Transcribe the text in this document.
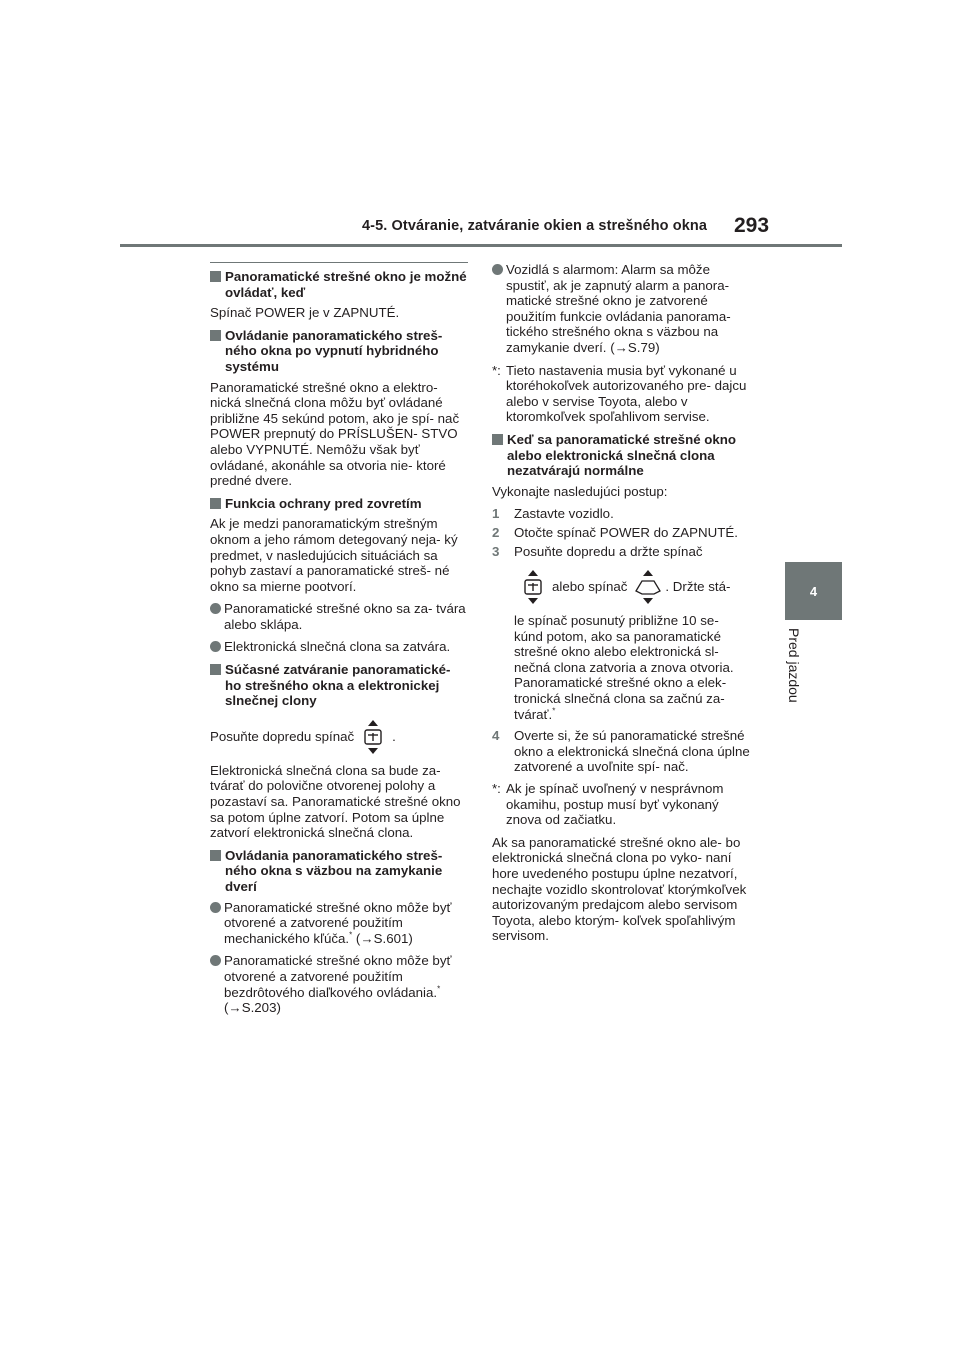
4-5. Otváranie, zatváranie okien a strešného okna 293
4
Pred jazdou
Panoramatické strešné okno je možné ovládať, keď

Spínač POWER je v ZAPNUTÉ.

Ovládanie panoramatického streš- ného okna po vypnutí hybridného systému

Panoramatické strešné okno a elektro- nická slnečná clona môžu byť ovládané približne 45 sekúnd potom, ako je spí- nač POWER prepnutý do PRÍSLUŠEN- STVO alebo VYPNUTÉ. Nemôžu však byť ovládané, akonáhle sa otvoria nie- ktoré predné dvere.

Funkcia ochrany pred zovretím

Ak je medzi panoramatickým strešným oknom a jeho rámom detegovaný neja- ký predmet, v nasledujúcich situáciách sa pohyb zastaví a panoramatické streš- né okno sa mierne pootvorí.

Panoramatické strešné okno sa za- tvára alebo sklápa.
Elektronická slnečná clona sa zatvára.
Súčasné zatváranie panoramatické- ho strešného okna a elektronickej slnečnej clony
Posuňte dopredu spínač	.

Elektronická slnečná clona sa bude za- tvárať do polovične otvorenej polohy a pozastaví sa. Panoramatické strešné okno sa potom úplne zatvorí. Potom sa úplne zatvorí elektronická slnečná clona.

Ovládania panoramatického streš- ného okna s väzbou na zamykanie dverí
Panoramatické strešné okno môže byť otvorené a zatvorené použitím mechanického kľúča.* (→S.601)
Panoramatické strešné okno môže byť otvorené a zatvorené použitím bezdrôtového diaľkového ovládania.*
(→S.203)
Vozidlá s alarmom: Alarm sa môže spustiť, ak je zapnutý alarm a panora- matické strešné okno je zatvorené použitím funkcie ovládania panorama- tického strešného okna s väzbou na zamykanie dverí. (→S.79)
*: Tieto nastavenia musia byť vykonané u ktoréhokoľvek autorizovaného pre- dajcu alebo v servise Toyota, alebo v ktoromkoľvek spoľahlivom servise.
Keď sa panoramatické strešné okno alebo elektronická slnečná clona nezatvárajú normálne

Vykonajte nasledujúci postup:

1 Zastavte vozidlo.
2 Otočte spínač POWER do ZAPNUTÉ.
3 Posuňte dopredu a držte spínač
alebo spínač	. Držte stá-
le spínač posunutý približne 10 se- kúnd potom, ako sa panoramatické strešné okno alebo elektronická sl- nečná clona zatvoria a znova otvoria. Panoramatické strešné okno a elek- tronická slnečná clona sa začnú za- tvárať.*
4 Overte si, že sú panoramatické strešné okno a elektronická slnečná clona úplne zatvorené a uvoľnite spí- nač.
*: Ak je spínač uvoľnený v nesprávnom okamihu, postup musí byť vykonaný znova od začiatku.

Ak sa panoramatické strešné okno ale- bo elektronická slnečná clona po vyko- naní hore uvedeného postupu úplne nezatvorí, nechajte vozidlo skontrolovať ktorýmkoľvek autorizovaným predajcom alebo servisom Toyota, alebo ktorým- koľvek spoľahlivým servisom.
